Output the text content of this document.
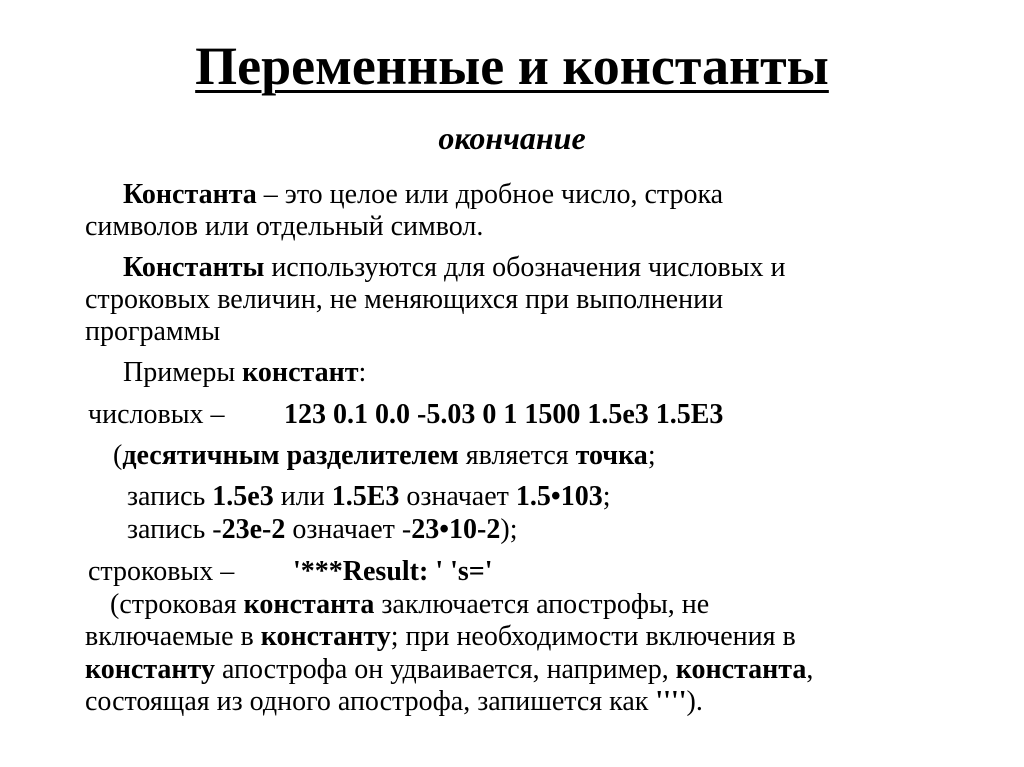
Переменные и константы
окончание
Константа – это целое или дробное число, строка
символов или отдельный символ.
Константы используются для обозначения числовых и
строковых величин, не меняющихся при выполнении
программы
Примеры констант:
числовых – 123 0.1 0.0 -5.03 0 1 1500 1.5e3 1.5E3
(десятичным разделителем является точка;
запись 1.5e3 или 1.5E3 означает 1.5•103;
запись -23e-2 означает -23•10-2);
строковых – '***Result: ' 's='
(строковая константа заключается апострофы, не
включаемые в константу; при необходимости включения в
константу апострофа он удваивается, например, константа,
состоящая из одного апострофа, запишется как '''').
